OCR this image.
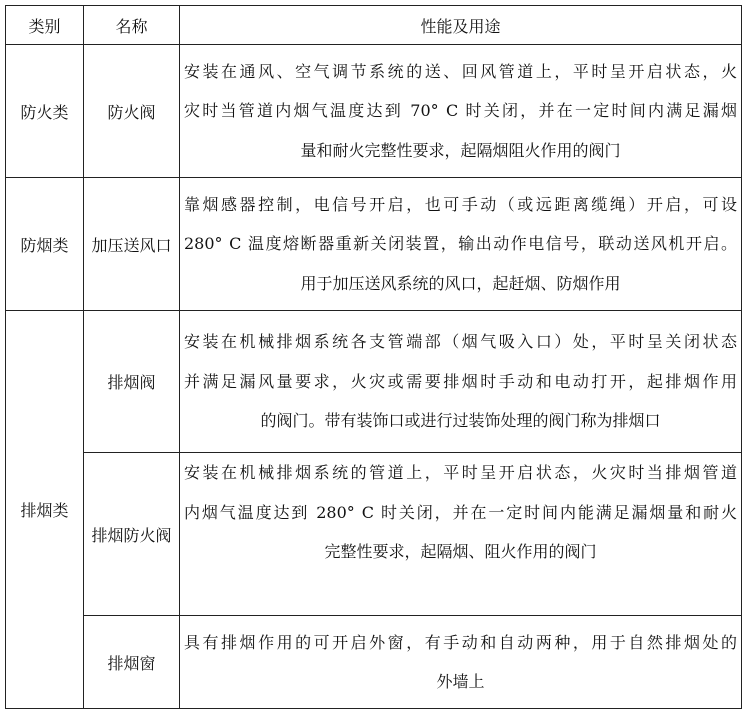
类别	名称	性能及用途
防火类	防火阀	安装在通风、空气调节系统的送、回风管道上，平时呈开启状态，火
灾时当管道内烟气温度达到 70° C 时关闭，并在一定时间内满足漏烟
量和耐火完整性要求，起隔烟阻火作用的阀门

防烟类	加压送风口	靠烟感器控制，电信号开启，也可手动（或远距离缆绳）开启，可设
280° C 温度熔断器重新关闭装置，输出动作电信号，联动送风机开启。
用于加压送风系统的风口，起赶烟、防烟作用

排烟类	排烟阀	安装在机械排烟系统各支管端部（烟气吸入口）处，平时呈关闭状态
并满足漏风量要求，火灾或需要排烟时手动和电动打开，起排烟作用
的阀门。带有装饰口或进行过装饰处理的阀门称为排烟口

	排烟防火阀	安装在机械排烟系统的管道上，平时呈开启状态，火灾时当排烟管道
内烟气温度达到 280° C 时关闭，并在一定时间内能满足漏烟量和耐火
完整性要求，起隔烟、阻火作用的阀门

	排烟窗	具有排烟作用的可开启外窗，有手动和自动两种，用于自然排烟处的
外墙上
